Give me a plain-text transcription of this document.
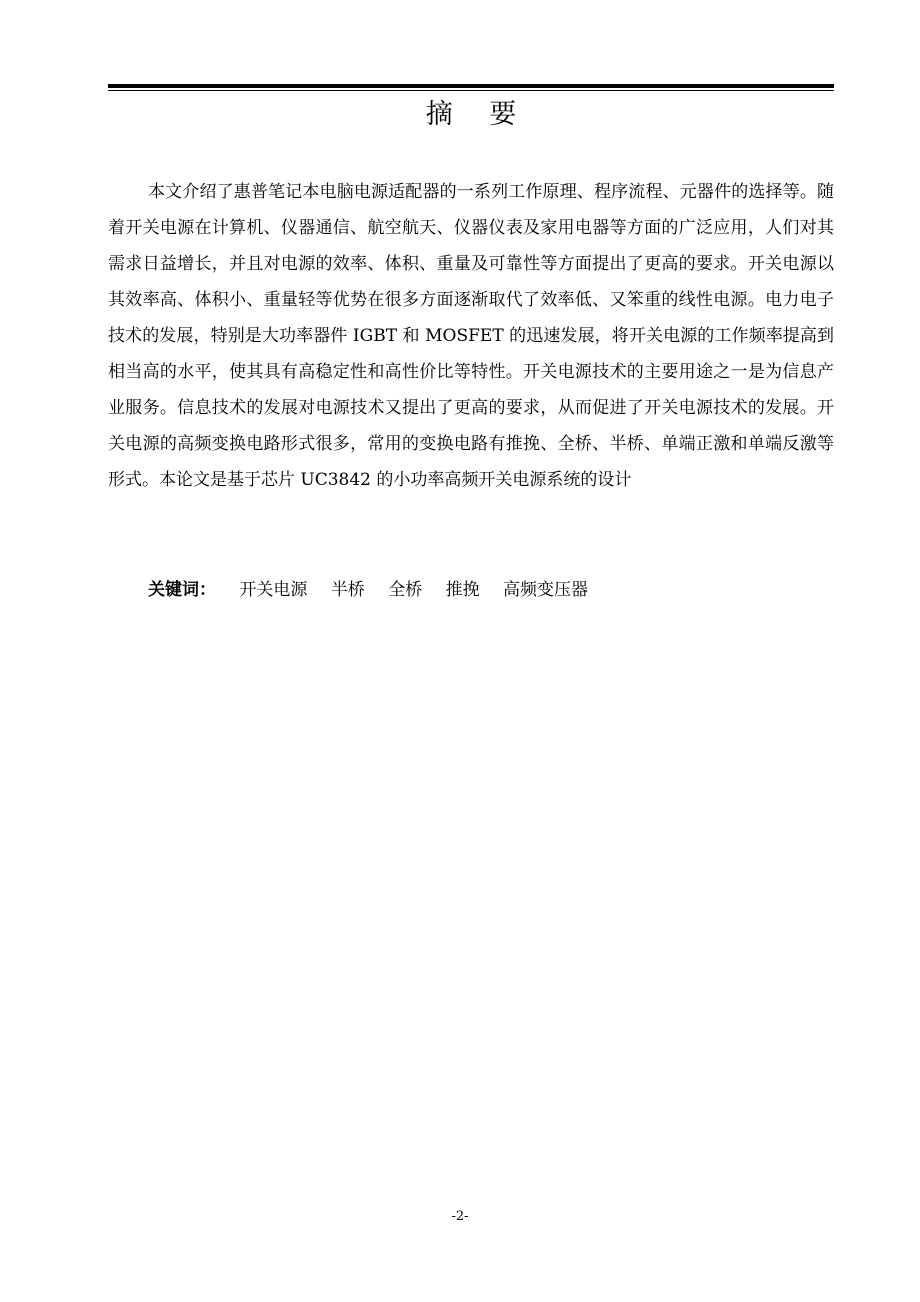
摘 要

本文介绍了惠普笔记本电脑电源适配器的一系列工作原理、程序流程、元器件的选择等。随着开关电源在计算机、仪器通信、航空航天、仪器仪表及家用电器等方面的广泛应用，人们对其需求日益增长，并且对电源的效率、体积、重量及可靠性等方面提出了更高的要求。开关电源以其效率高、体积小、重量轻等优势在很多方面逐渐取代了效率低、又笨重的线性电源。电力电子技术的发展，特别是大功率器件 IGBT 和 MOSFET 的迅速发展，将开关电源的工作频率提高到相当高的水平，使其具有高稳定性和高性价比等特性。开关电源技术的主要用途之一是为信息产业服务。信息技术的发展对电源技术又提出了更高的要求，从而促进了开关电源技术的发展。开关电源的高频变换电路形式很多，常用的变换电路有推挽、全桥、半桥、单端正激和单端反激等形式。本论文是基于芯片 UC3842 的小功率高频开关电源系统的设计

关键词： 开关电源 半桥 全桥 推挽 高频变压器
-2-
